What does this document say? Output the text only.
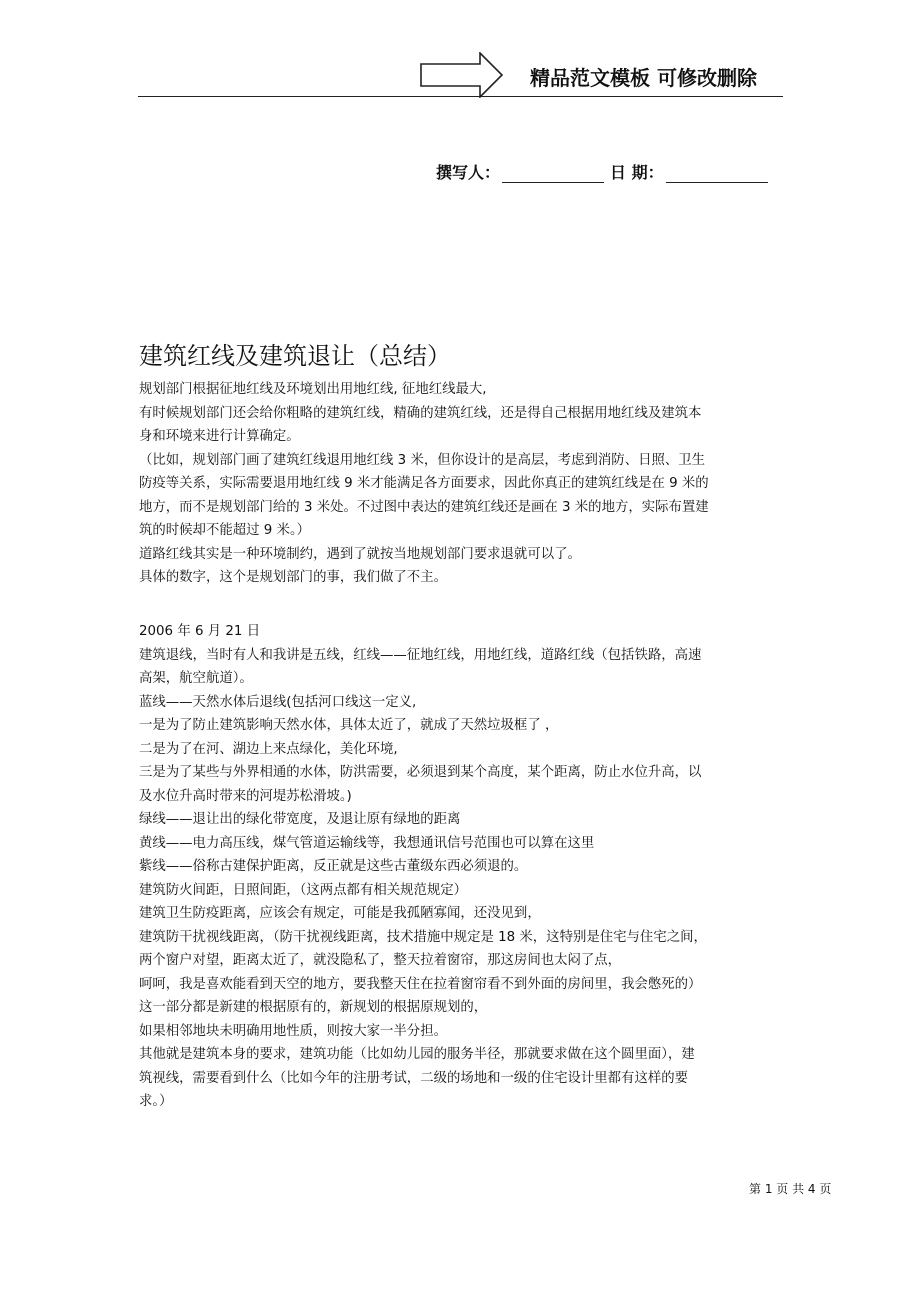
精品范文模板 可修改删除
撰写人：	日 期：
建筑红线及建筑退让（总结）

规划部门根据征地红线及环境划出用地红线, 征地红线最大,

有时候规划部门还会给你粗略的建筑红线，精确的建筑红线，还是得自己根据用地红线及建筑本

身和环境来进行计算确定。

（比如，规划部门画了建筑红线退用地红线 3 米，但你设计的是高层，考虑到消防、日照、卫生

防疫等关系，实际需要退用地红线 9 米才能满足各方面要求，因此你真正的建筑红线是在 9 米的

地方，而不是规划部门给的 3 米处。不过图中表达的建筑红线还是画在 3 米的地方，实际布置建

筑的时候却不能超过 9 米。）

道路红线其实是一种环境制约，遇到了就按当地规划部门要求退就可以了。

具体的数字，这个是规划部门的事，我们做了不主。

2006 年 6 月 21 日

建筑退线，当时有人和我讲是五线，红线——征地红线，用地红线，道路红线（包括铁路，高速

高架，航空航道）。

蓝线——天然水体后退线(包括河口线这一定义,

一是为了防止建筑影响天然水体，具体太近了，就成了天然垃圾框了 ，

二是为了在河、湖边上来点绿化，美化环境,

三是为了某些与外界相通的水体，防洪需要，必须退到某个高度，某个距离，防止水位升高，以

及水位升高时带来的河堤苏松滑坡。)

绿线——退让出的绿化带宽度，及退让原有绿地的距离

黄线——电力高压线，煤气管道运输线等，我想通讯信号范围也可以算在这里

紫线——俗称古建保护距离，反正就是这些古董级东西必须退的。

建筑防火间距，日照间距，（这两点都有相关规范规定）

建筑卫生防疫距离，应该会有规定，可能是我孤陋寡闻，还没见到，

建筑防干扰视线距离，（防干扰视线距离，技术措施中规定是 18 米，这特别是住宅与住宅之间，

两个窗户对望，距离太近了，就没隐私了，整天拉着窗帘，那这房间也太闷了点，

呵呵，我是喜欢能看到天空的地方，要我整天住在拉着窗帘看不到外面的房间里，我会憋死的）

这一部分都是新建的根据原有的，新规划的根据原规划的，

如果相邻地块未明确用地性质，则按大家一半分担。

其他就是建筑本身的要求，建筑功能（比如幼儿园的服务半径，那就要求做在这个圆里面），建

筑视线，需要看到什么（比如今年的注册考试，二级的场地和一级的住宅设计里都有这样的要

求。）

第 1 页 共 4 页
